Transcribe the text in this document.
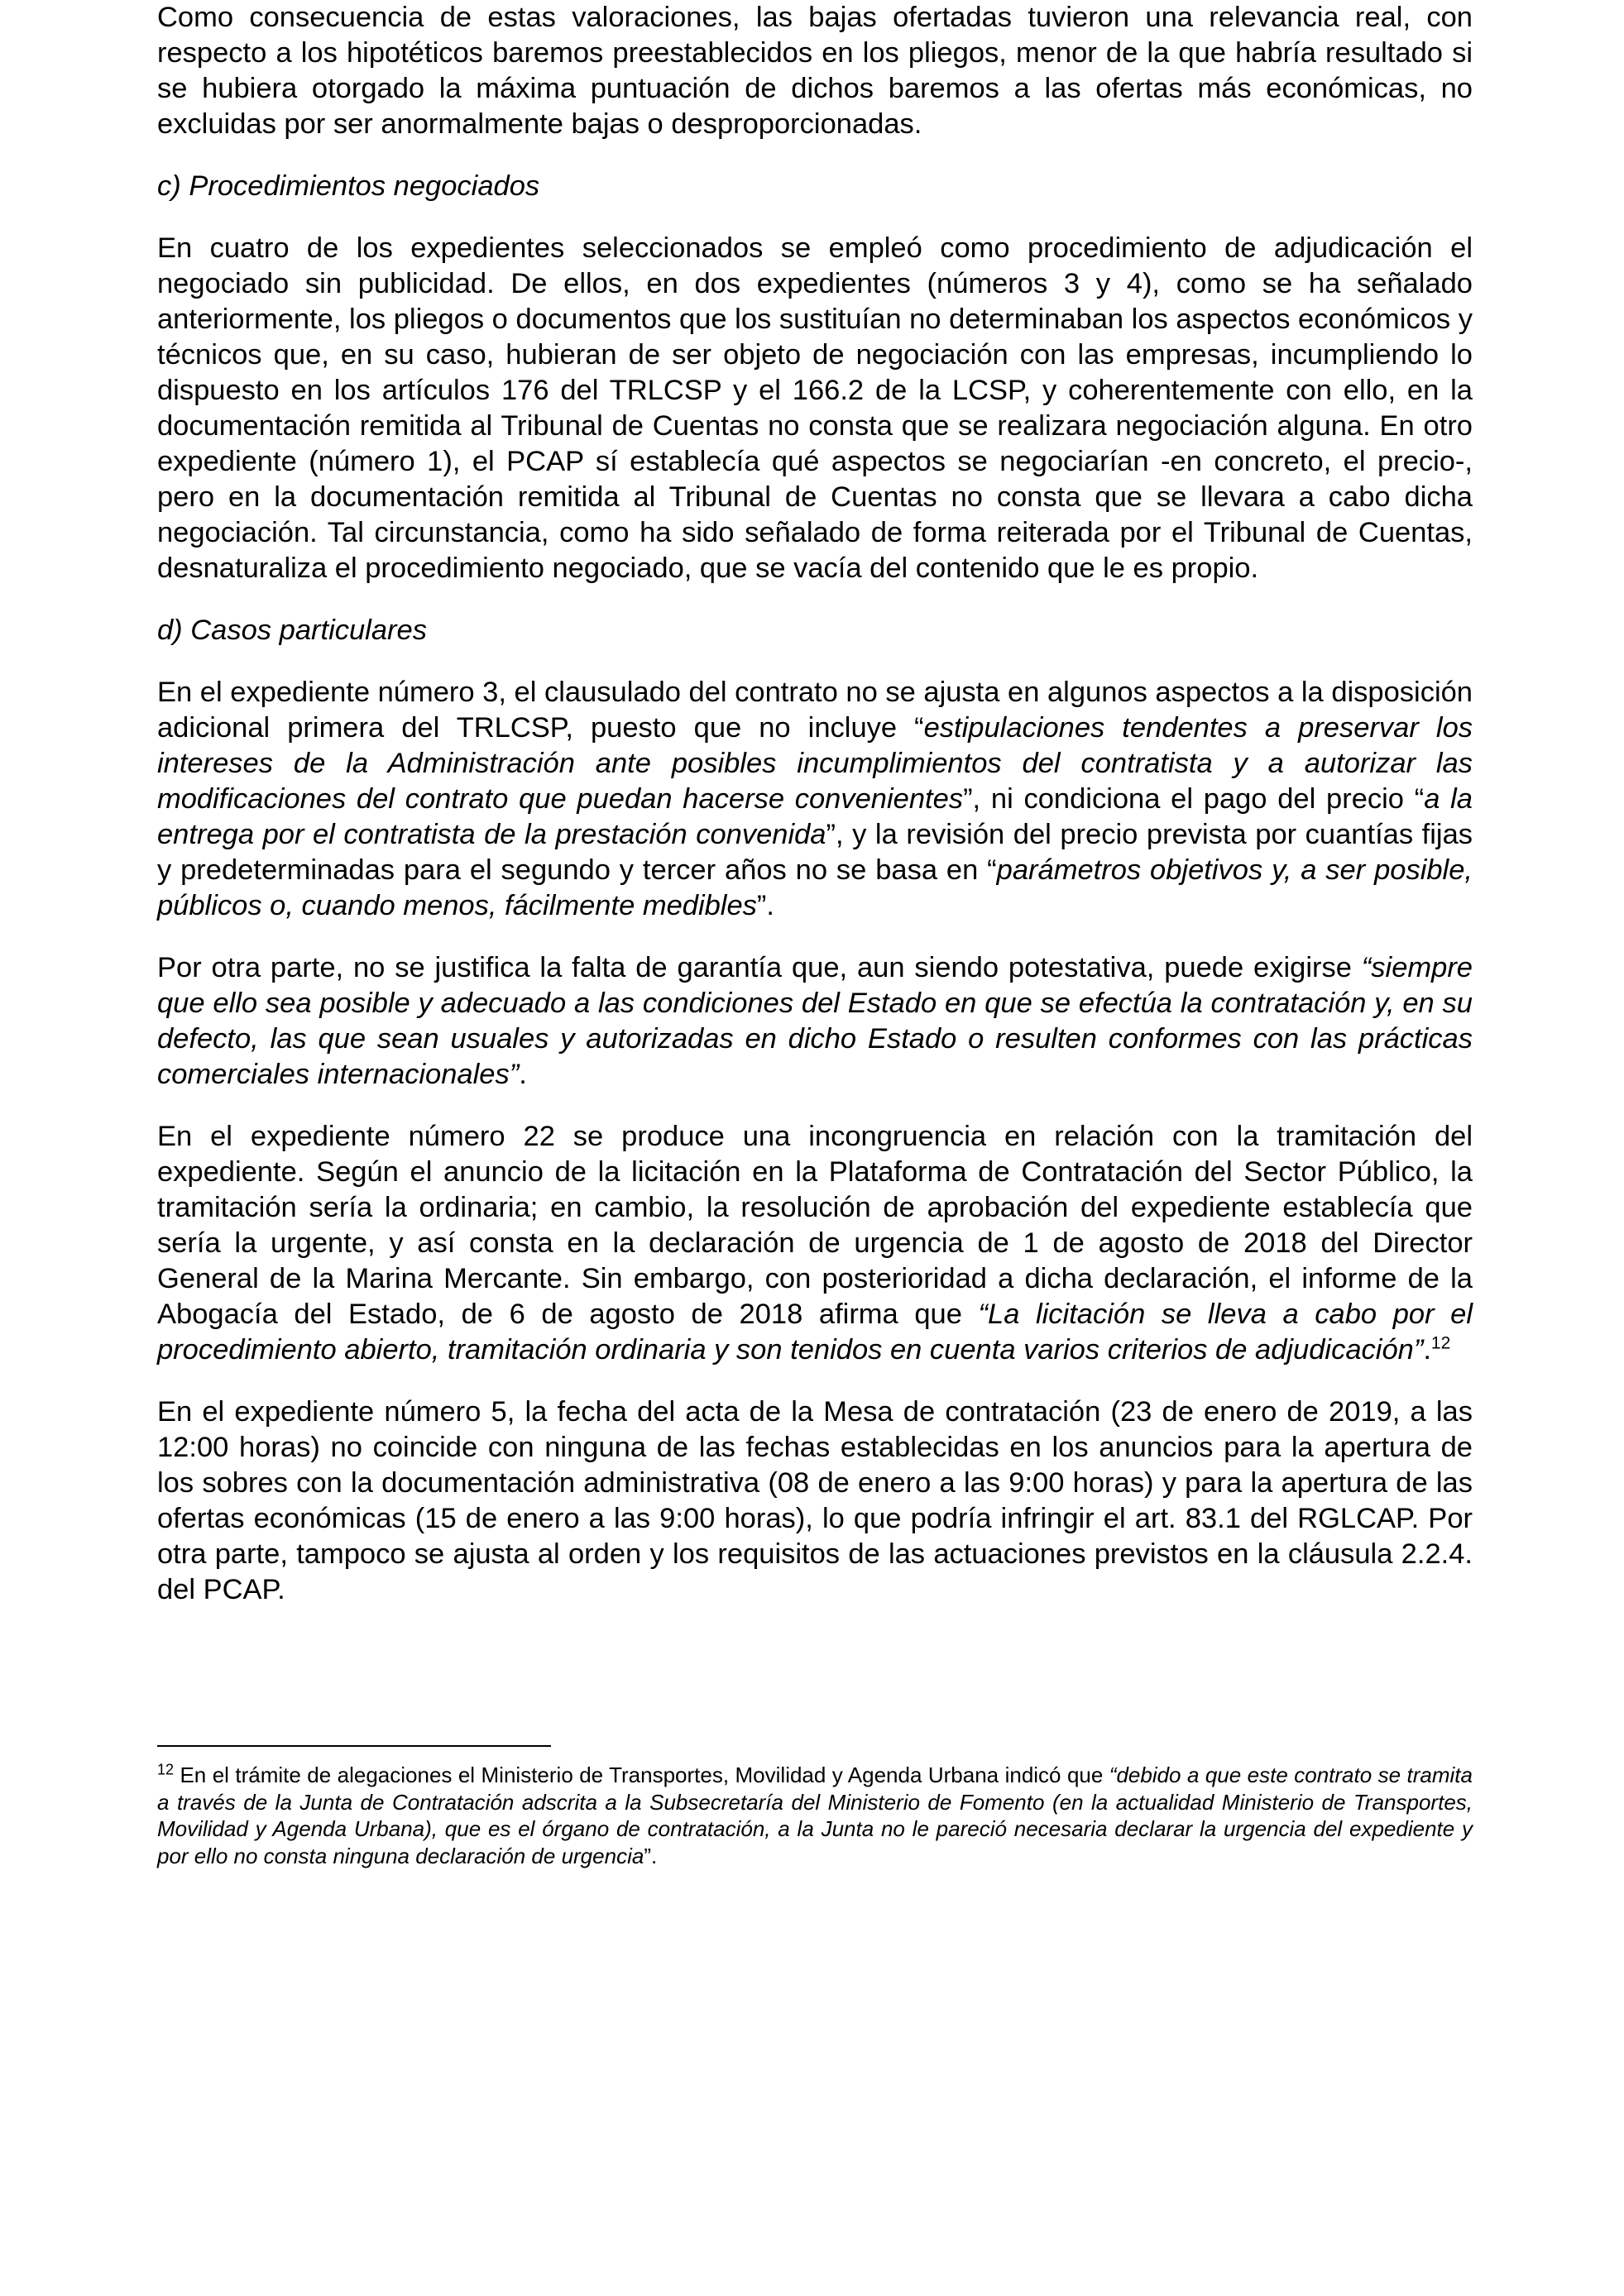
Como consecuencia de estas valoraciones, las bajas ofertadas tuvieron una relevancia real, con respecto a los hipotéticos baremos preestablecidos en los pliegos, menor de la que habría resultado si se hubiera otorgado la máxima puntuación de dichos baremos a las ofertas más económicas, no excluidas por ser anormalmente bajas o desproporcionadas.

c) Procedimientos negociados

En cuatro de los expedientes seleccionados se empleó como procedimiento de adjudicación el negociado sin publicidad. De ellos, en dos expedientes (números 3 y 4), como se ha señalado anteriormente, los pliegos o documentos que los sustituían no determinaban los aspectos económicos y técnicos que, en su caso, hubieran de ser objeto de negociación con las empresas, incumpliendo lo dispuesto en los artículos 176 del TRLCSP y el 166.2 de la LCSP, y coherentemente con ello, en la documentación remitida al Tribunal de Cuentas no consta que se realizara negociación alguna. En otro expediente (número 1), el PCAP sí establecía qué aspectos se negociarían -en concreto, el precio-, pero en la documentación remitida al Tribunal de Cuentas no consta que se llevara a cabo dicha negociación. Tal circunstancia, como ha sido señalado de forma reiterada por el Tribunal de Cuentas, desnaturaliza el procedimiento negociado, que se vacía del contenido que le es propio.

d) Casos particulares

En el expediente número 3, el clausulado del contrato no se ajusta en algunos aspectos a la disposición adicional primera del TRLCSP, puesto que no incluye “estipulaciones tendentes a preservar los intereses de la Administración ante posibles incumplimientos del contratista y a autorizar las modificaciones del contrato que puedan hacerse convenientes”, ni condiciona el pago del precio “a la entrega por el contratista de la prestación convenida”, y la revisión del precio prevista por cuantías fijas y predeterminadas para el segundo y tercer años no se basa en “parámetros objetivos y, a ser posible, públicos o, cuando menos, fácilmente medibles”.

Por otra parte, no se justifica la falta de garantía que, aun siendo potestativa, puede exigirse “siempre que ello sea posible y adecuado a las condiciones del Estado en que se efectúa la contratación y, en su defecto, las que sean usuales y autorizadas en dicho Estado o resulten conformes con las prácticas comerciales internacionales”.

En el expediente número 22 se produce una incongruencia en relación con la tramitación del expediente. Según el anuncio de la licitación en la Plataforma de Contratación del Sector Público, la tramitación sería la ordinaria; en cambio, la resolución de aprobación del expediente establecía que sería la urgente, y así consta en la declaración de urgencia de 1 de agosto de 2018 del Director General de la Marina Mercante. Sin embargo, con posterioridad a dicha declaración, el informe de la Abogacía del Estado, de 6 de agosto de 2018 afirma que “La licitación se lleva a cabo por el procedimiento abierto, tramitación ordinaria y son tenidos en cuenta varios criterios de adjudicación”.$^{12}$

En el expediente número 5, la fecha del acta de la Mesa de contratación (23 de enero de 2019, a las 12:00 horas) no coincide con ninguna de las fechas establecidas en los anuncios para la apertura de los sobres con la documentación administrativa (08 de enero a las 9:00 horas) y para la apertura de las ofertas económicas (15 de enero a las 9:00 horas), lo que podría infringir el art. 83.1 del RGLCAP. Por otra parte, tampoco se ajusta al orden y los requisitos de las actuaciones previstos en la cláusula 2.2.4. del PCAP.

$^{12}$ En el trámite de alegaciones el Ministerio de Transportes, Movilidad y Agenda Urbana indicó que “debido a que este contrato se tramita a través de la Junta de Contratación adscrita a la Subsecretaría del Ministerio de Fomento (en la actualidad Ministerio de Transportes, Movilidad y Agenda Urbana), que es el órgano de contratación, a la Junta no le pareció necesaria declarar la urgencia del expediente y por ello no consta ninguna declaración de urgencia”.
